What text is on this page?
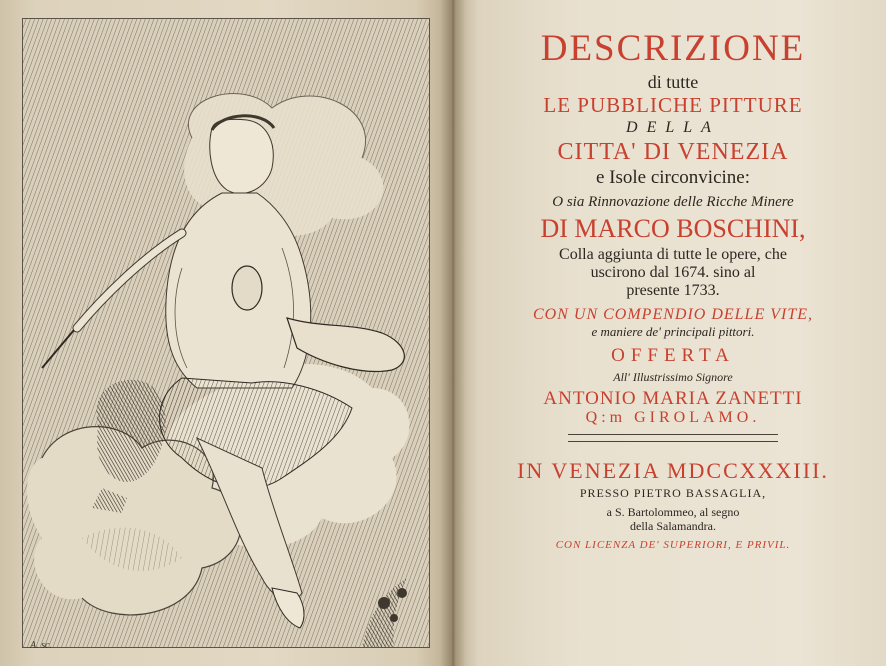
A. sc.
DESCRIZIONE
di tutte
LE PUBBLICHE PITTURE
DELLA
CITTA' DI VENEZIA
e Isole circonvicine:
O sia Rinnovazione delle Ricche Minere
DI MARCO BOSCHINI,
Colla aggiunta di tutte le opere, che
uscirono dal 1674. sino al
presente 1733.
CON UN COMPENDIO DELLE VITE,
e maniere de' principali pittori.
OFFERTA
All' Illustrissimo Signore
ANTONIO MARIA ZANETTI
Q:m GIROLAMO.
IN VENEZIA MDCCXXXIII.
PRESSO PIETRO BASSAGLIA,
a S. Bartolommeo, al segno
della Salamandra.
CON LICENZA DE' SUPERIORI, E PRIVIL.
